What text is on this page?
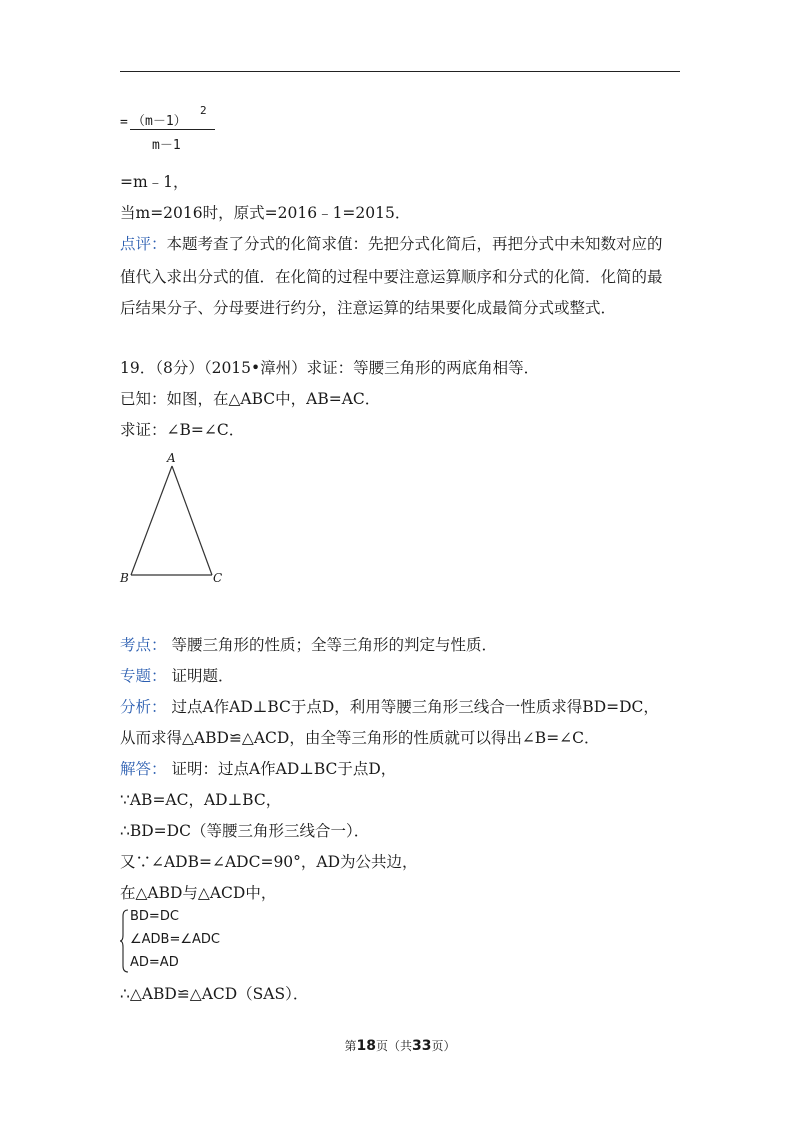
= （m－1）
2
m－1
=m﹣1，
当m=2016时，原式=2016﹣1=2015．
点评：本题考查了分式的化简求值：先把分式化简后，再把分式中未知数对应的
值代入求出分式的值．在化简的过程中要注意运算顺序和分式的化简．化简的最
后结果分子、分母要进行约分，注意运算的结果要化成最简分式或整式．
19．（8分）（2015•漳州）求证：等腰三角形的两底角相等．
已知：如图，在△ABC中，AB=AC．
求证：∠B=∠C．
A
B	C
考点： 等腰三角形的性质；全等三角形的判定与性质．
专题： 证明题．
分析： 过点A作AD⊥BC于点D，利用等腰三角形三线合一性质求得BD=DC，
从而求得△ABD≌△ACD，由全等三角形的性质就可以得出∠B=∠C．
解答： 证明：过点A作AD⊥BC于点D，
∵AB=AC，AD⊥BC，
∴BD=DC（等腰三角形三线合一）．
又∵∠ADB=∠ADC=90°，AD为公共边，
在△ABD与△ACD中，
BD=DC
∠ADB=∠ADC
AD=AD
∴△ABD≌△ACD（SAS）．
第18页（共33页）
